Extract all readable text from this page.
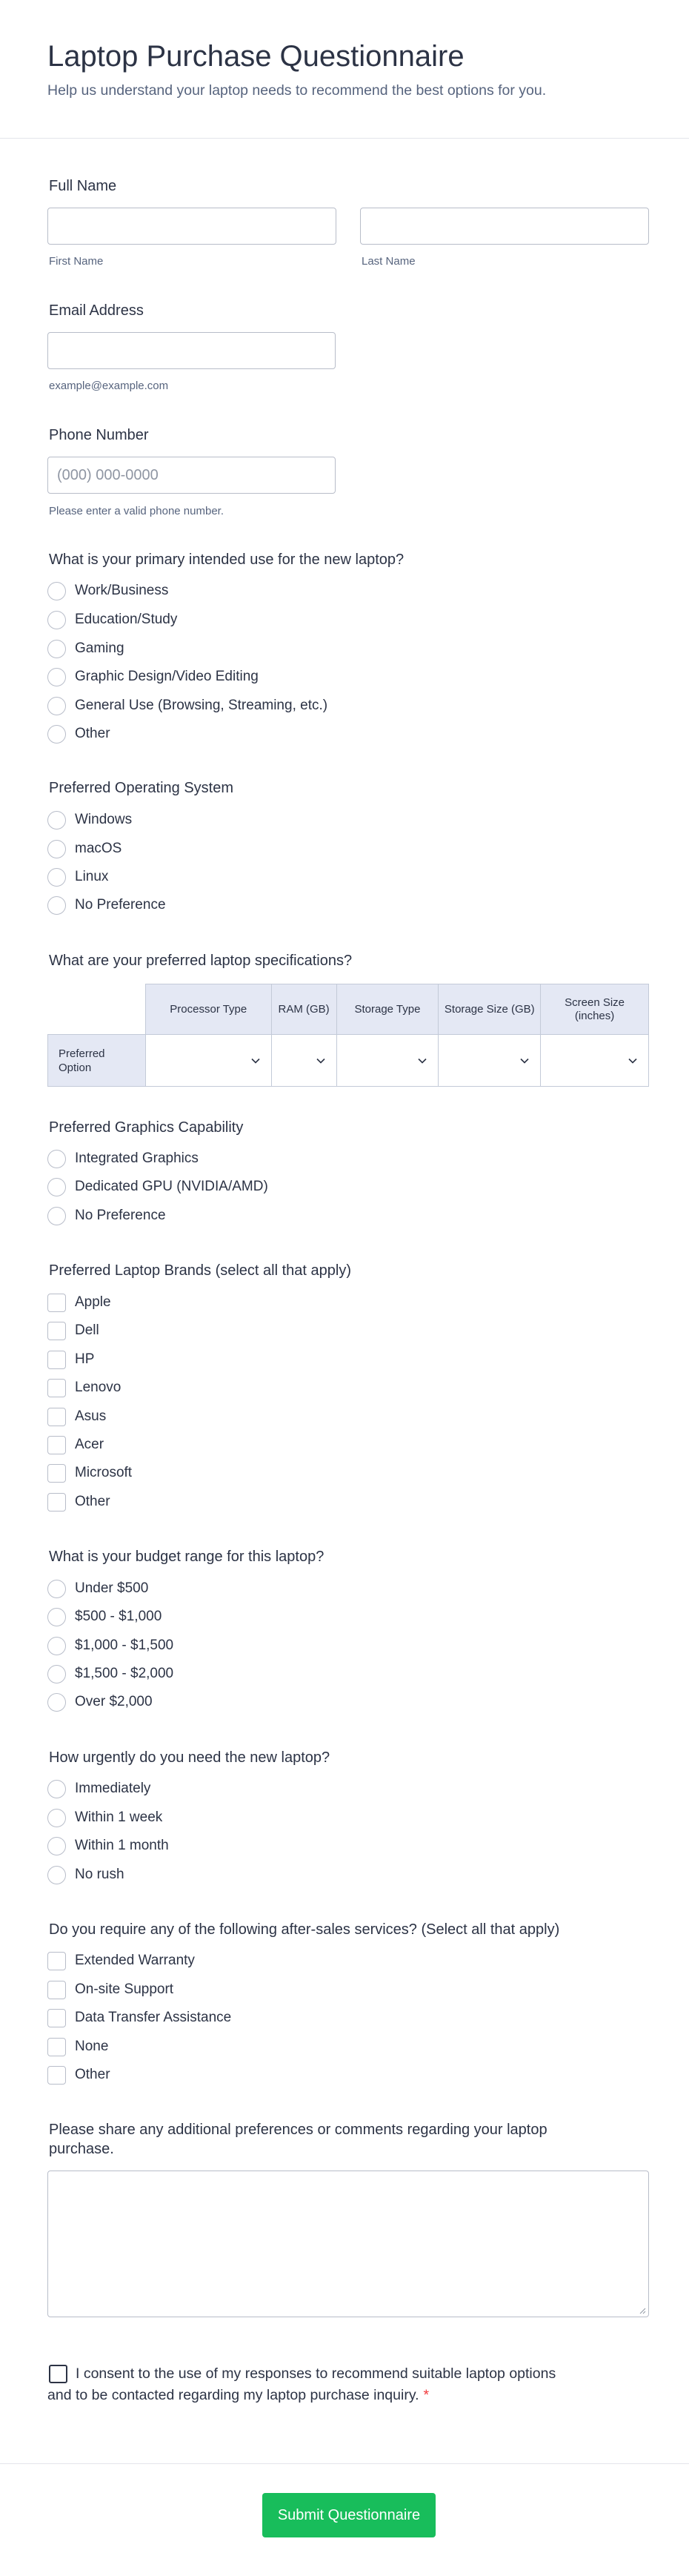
Laptop Purchase Questionnaire
Help us understand your laptop needs to recommend the best options for you.
Full Name
First Name	Last Name
Email Address
example@example.com
Phone Number
(000) 000-0000
Please enter a valid phone number.
What is your primary intended use for the new laptop?
Work/Business
Education/Study
Gaming
Graphic Design/Video Editing
General Use (Browsing, Streaming, etc.)
Other
Preferred Operating System
Windows
macOS
Linux
No Preference
What are your preferred laptop specifications?
	Processor Type	RAM (GB)	Storage Type	Storage Size (GB)	Screen Size (inches)
Preferred Option	

Preferred Graphics Capability
Integrated Graphics
Dedicated GPU (NVIDIA/AMD)
No Preference
Preferred Laptop Brands (select all that apply)
Apple
Dell
HP
Lenovo
Asus
Acer
Microsoft
Other
What is your budget range for this laptop?
Under $500
$500 - $1,000
$1,000 - $1,500
$1,500 - $2,000
Over $2,000
How urgently do you need the new laptop?
Immediately
Within 1 week
Within 1 month
No rush
Do you require any of the following after-sales services? (Select all that apply)
Extended Warranty
On-site Support
Data Transfer Assistance
None
Other
Please share any additional preferences or comments regarding your laptop purchase.
I consent to the use of my responses to recommend suitable laptop options and to be contacted regarding my laptop purchase inquiry. *
Submit Questionnaire
